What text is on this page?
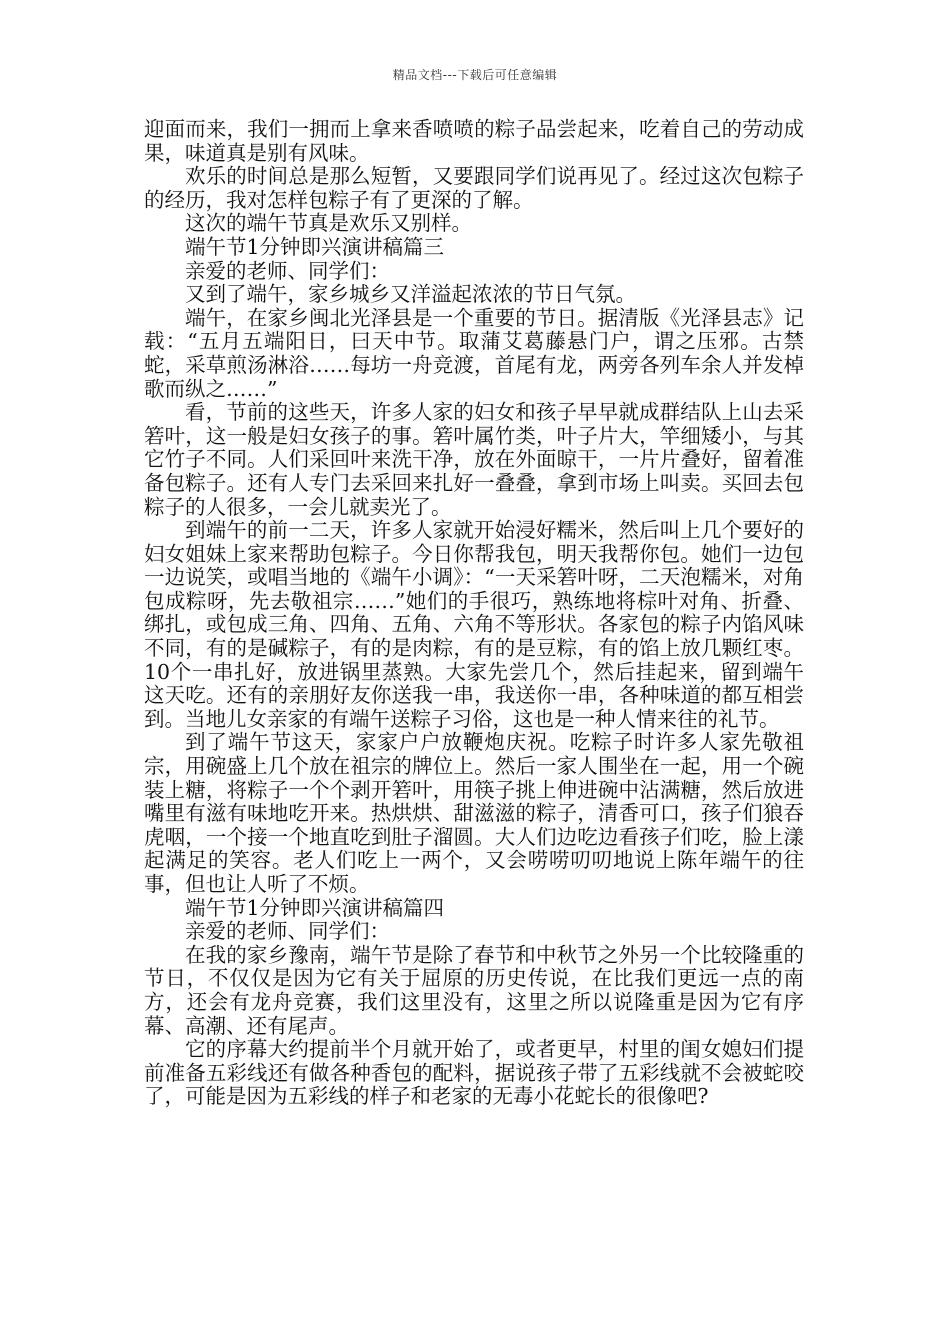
精品文档---下载后可任意编辑

迎面而来，我们一拥而上拿来香喷喷的粽子品尝起来，吃着自己的劳动成果，味道真是别有风味。

欢乐的时间总是那么短暂，又要跟同学们说再见了。经过这次包粽子的经历，我对怎样包粽子有了更深的了解。

这次的端午节真是欢乐又别样。

端午节1分钟即兴演讲稿篇三

亲爱的老师、同学们：

又到了端午，家乡城乡又洋溢起浓浓的节日气氛。

端午，在家乡闽北光泽县是一个重要的节日。据清版《光泽县志》记载：“五月五端阳日，曰天中节。取蒲艾葛藤悬门户，谓之压邪。古禁蛇，采草煎汤淋浴……每坊一舟竞渡，首尾有龙，两旁各列车余人并发棹歌而纵之……”

看，节前的这些天，许多人家的妇女和孩子早早就成群结队上山去采箬叶，这一般是妇女孩子的事。箬叶属竹类，叶子片大，竿细矮小，与其它竹子不同。人们采回叶来洗干净，放在外面晾干，一片片叠好，留着准备包粽子。还有人专门去采回来扎好一叠叠，拿到市场上叫卖。买回去包粽子的人很多，一会儿就卖光了。

到端午的前一二天，许多人家就开始浸好糯米，然后叫上几个要好的妇女姐妹上家来帮助包粽子。今日你帮我包，明天我帮你包。她们一边包一边说笑，或唱当地的《端午小调》：“一天采箬叶呀，二天泡糯米，对角包成粽呀，先去敬祖宗……”她们的手很巧，熟练地将棕叶对角、折叠、绑扎，或包成三角、四角、五角、六角不等形状。各家包的粽子内馅风味不同，有的是碱粽子，有的是肉粽，有的是豆粽，有的馅上放几颗红枣。10个一串扎好，放进锅里蒸熟。大家先尝几个，然后挂起来，留到端午这天吃。还有的亲朋好友你送我一串，我送你一串，各种味道的都互相尝到。当地儿女亲家的有端午送粽子习俗，这也是一种人情来往的礼节。

到了端午节这天，家家户户放鞭炮庆祝。吃粽子时许多人家先敬祖宗，用碗盛上几个放在祖宗的牌位上。然后一家人围坐在一起，用一个碗装上糖，将粽子一个个剥开箬叶，用筷子挑上伸进碗中沾满糖，然后放进嘴里有滋有味地吃开来。热烘烘、甜滋滋的粽子，清香可口，孩子们狼吞虎咽，一个接一个地直吃到肚子溜圆。大人们边吃边看孩子们吃，脸上漾起满足的笑容。老人们吃上一两个，又会唠唠叨叨地说上陈年端午的往事，但也让人听了不烦。

端午节1分钟即兴演讲稿篇四

亲爱的老师、同学们：

在我的家乡豫南，端午节是除了春节和中秋节之外另一个比较隆重的节日，不仅仅是因为它有关于屈原的历史传说，在比我们更远一点的南方，还会有龙舟竞赛，我们这里没有，这里之所以说隆重是因为它有序幕、高潮、还有尾声。

它的序幕大约提前半个月就开始了，或者更早，村里的闺女媳妇们提前准备五彩线还有做各种香包的配料，据说孩子带了五彩线就不会被蛇咬了，可能是因为五彩线的样子和老家的无毒小花蛇长的很像吧?
